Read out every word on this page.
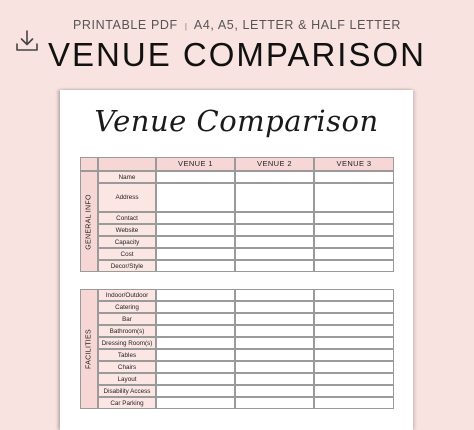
PRINTABLE PDF | A4, A5, LETTER & HALF LETTER
VENUE COMPARISON
Venue Comparison
VENUE 1	VENUE 2	VENUE 3
GENERAL INFO
Name
Address
Contact
Website
Capacity
Cost
Decor/Style
FACILITIES
Indoor/Outdoor
Catering
Bar
Bathroom(s)
Dressing Room(s)
Tables
Chairs
Layout
Disability Access
Car Parking
